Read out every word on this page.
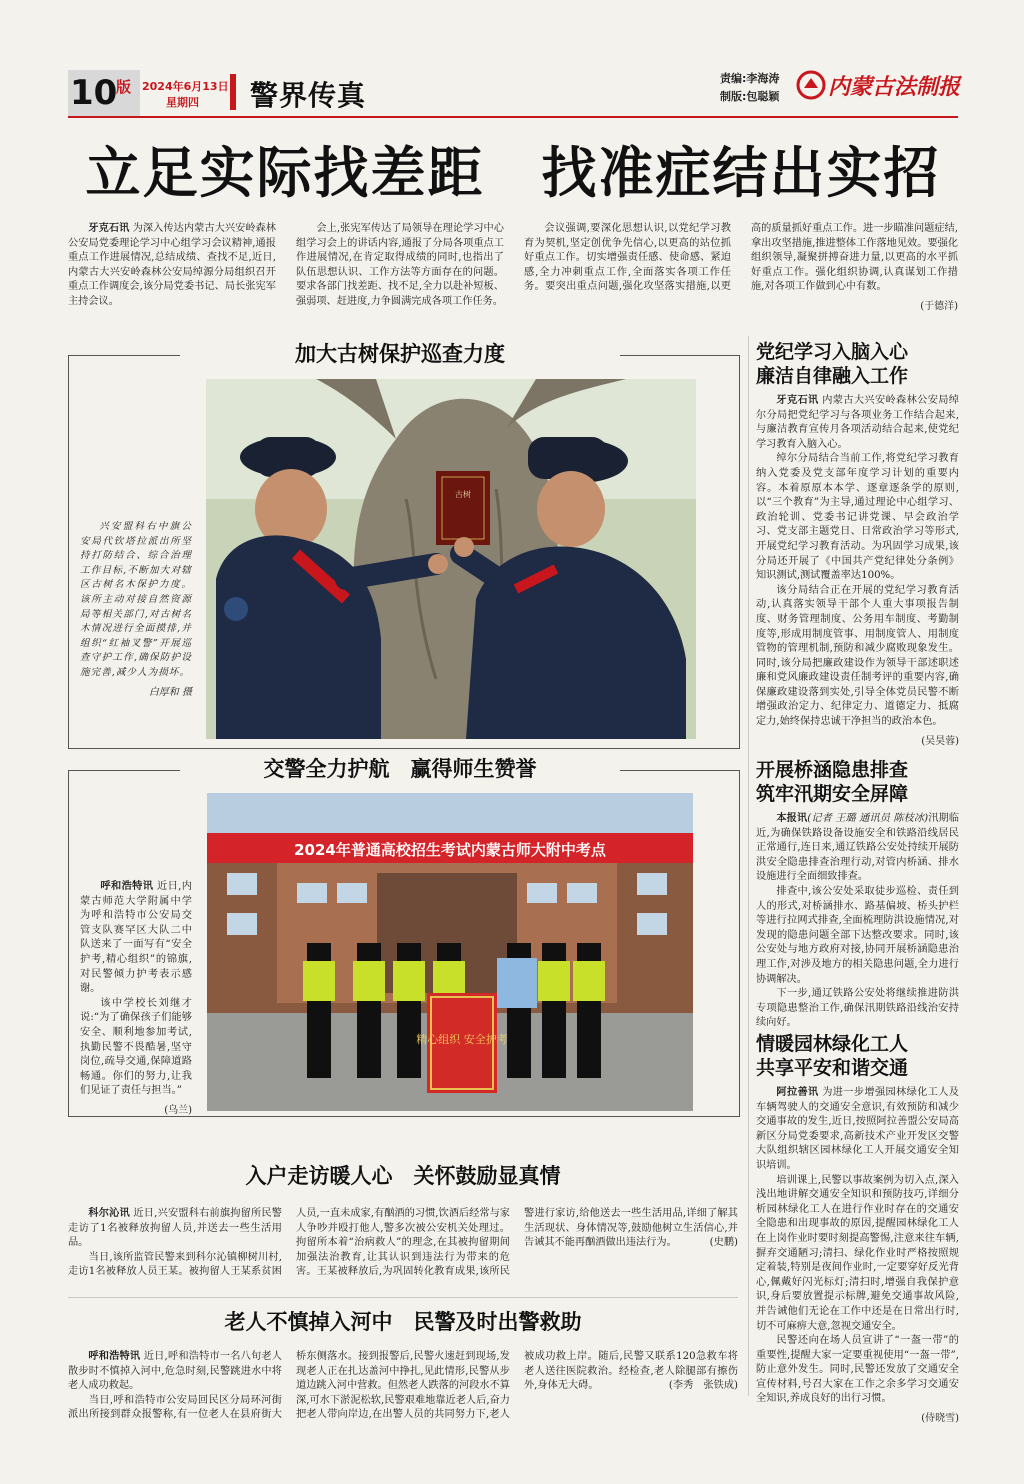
10
版 2024年6月13日
星期四 警界传真
责编:李海涛
制版:包聪颖 内蒙古法制报
立足实际找差距　找准症结出实招

牙克石讯 为深入传达内蒙古大兴安岭森林公安局党委理论学习中心组学习会议精神,通报重点工作进展情况,总结成绩、查找不足,近日,内蒙古大兴安岭森林公安局绰源分局组织召开重点工作调度会,该分局党委书记、局长张宪军主持会议。

会上,张宪军传达了局领导在理论学习中心组学习会上的讲话内容,通报了分局各项重点工作进展情况,在肯定取得成绩的同时,也指出了队伍思想认识、工作方法等方面存在的问题。要求各部门找差距、找不足,全力以赴补短板、强弱项、赶进度,力争圆满完成各项工作任务。

会议强调,要深化思想认识,以党纪学习教育为契机,坚定创优争先信心,以更高的站位抓好重点工作。切实增强责任感、使命感、紧迫感,全力冲刺重点工作,全面落实各项工作任务。要突出重点问题,强化攻坚落实措施,以更高的质量抓好重点工作。进一步瞄准问题症结,拿出攻坚措施,推进整体工作落地见效。要强化组织领导,凝聚拼搏奋进力量,以更高的水平抓好重点工作。强化组织协调,认真谋划工作措施,对各项工作做到心中有数。

(于德洋)

加大古树保护巡查力度
古树

兴安盟科右中旗公安局代钦塔拉派出所坚持打防结合、综合治理工作目标,不断加大对辖区古树名木保护力度。该所主动对接自然资源局等相关部门,对古树名木情况进行全面摸排,并组织“红袖叉警”开展巡查守护工作,确保防护设施完善,减少人为损坏。

白厚和 摄

交警全力护航　赢得师生赞誉
2024年普通高校招生考试内蒙古师大附中考点
精心组织 安全护考

呼和浩特讯 近日,内蒙古师范大学附属中学为呼和浩特市公安局交管支队赛罕区大队二中队送来了一面写有“安全护考,精心组织”的锦旗,对民警倾力护考表示感谢。

该中学校长刘继才说:“为了确保孩子们能够安全、顺利地参加考试,执勤民警不畏酷暑,坚守岗位,疏导交通,保障道路畅通。你们的努力,让我们见证了责任与担当。”

(乌兰)

入户走访暖人心　关怀鼓励显真情

科尔沁讯 近日,兴安盟科右前旗拘留所民警走访了1名被释放拘留人员,并送去一些生活用品。
当日,该所监管民警来到科尔沁镇柳树川村,走访1名被释放人员王某。被拘留人王某系贫困人员,一直未成家,有酗酒的习惯,饮酒后经常与家人争吵并殴打他人,警多次被公安机关处理过。拘留所本着“治病救人”的理念,在其被拘留期间加强法治教育,让其认识到违法行为带来的危害。王某被释放后,为巩固转化教育成果,该所民警进行家访,给他送去一些生活用品,详细了解其生活现状、身体情况等,鼓励他树立生活信心,并告诫其不能再酗酒做出违法行为。	(史鹏)

老人不慎掉入河中　民警及时出警救助

呼和浩特讯 近日,呼和浩特市一名八旬老人散步时不慎掉入河中,危急时刻,民警跳进水中将老人成功救起。
当日,呼和浩特市公安局回民区分局环河街派出所接到群众报警称,有一位老人在县府街大桥东侧落水。接到报警后,民警火速赶到现场,发现老人正在扎达盖河中挣扎,见此情形,民警从步道边跳入河中营救。但然老人跌落的河段水不算深,可水下淤泥松软,民警艰难地靠近老人后,奋力把老人带向岸边,在出警人员的共同努力下,老人被成功救上岸。随后,民警又联系120急救车将老人送往医院救治。经检查,老人除腿部有擦伤外,身体无大碍。	(李秀　张铁成)

党纪学习入脑入心
廉洁自律融入工作

牙克石讯 内蒙古大兴安岭森林公安局绰尔分局把党纪学习与各项业务工作结合起来,与廉洁教育宣传月各项活动结合起来,使党纪学习教育入脑入心。

绰尔分局结合当前工作,将党纪学习教育纳入党委及党支部年度学习计划的重要内容。本着原原本本学、逐章逐条学的原则,以“三个教育”为主导,通过理论中心组学习、政治轮训、党委书记讲党课、早会政治学习、党支部主题党日、日常政治学习等形式,开展党纪学习教育活动。为巩固学习成果,该分局还开展了《中国共产党纪律处分条例》知识测试,测试覆盖率达100%。

该分局结合正在开展的党纪学习教育活动,认真落实领导干部个人重大事项报告制度、财务管理制度、公务用车制度、考勤制度等,形成用制度管事、用制度管人、用制度管物的管理机制,预防和减少腐败现象发生。同时,该分局把廉政建设作为领导干部述职述廉和党风廉政建设责任制考评的重要内容,确保廉政建设落到实处,引导全体党员民警不断增强政治定力、纪律定力、道德定力、抵腐定力,始终保持忠诚干净担当的政治本色。

(吴昊蓉)

开展桥涵隐患排查
筑牢汛期安全屏障

本报讯(记者 王璐 通讯员 陈枝冰)汛期临近,为确保铁路设备设施安全和铁路沿线居民正常通行,连日来,通辽铁路公安处持续开展防洪安全隐患排查治理行动,对管内桥涵、排水设施进行全面细致排查。

排查中,该公安处采取徒步巡检、责任到人的形式,对桥涵排水、路基偏坡、桥头护栏等进行拉网式排查,全面梳理防洪设施情况,对发现的隐患问题全部下达整改要求。同时,该公安处与地方政府对接,协同开展桥涵隐患治理工作,对涉及地方的相关隐患问题,全力进行协调解决。

下一步,通辽铁路公安处将继续推进防洪专项隐患整治工作,确保汛期铁路沿线治安持续向好。

情暖园林绿化工人
共享平安和谐交通

阿拉善讯 为进一步增强园林绿化工人及车辆驾驶人的交通安全意识,有效预防和减少交通事故的发生,近日,按照阿拉善盟公安局高新区分局党委要求,高新技术产业开发区交警大队组织辖区园林绿化工人开展交通安全知识培训。

培训课上,民警以事故案例为切入点,深入浅出地讲解交通安全知识和预防技巧,详细分析园林绿化工人在进行作业时存在的交通安全隐患和出现事故的原因,提醒园林绿化工人在上岗作业时要时刻提高警惕,注意来往车辆,摒弃交通陋习;清扫、绿化作业时严格按照规定着装,特别是夜间作业时,一定要穿好反光背心,佩戴好闪光标灯;清扫时,增强自我保护意识,身后要放置提示标牌,避免交通事故风险,并告诫他们无论在工作中还是在日常出行时,切不可麻痹大意,忽视交通安全。

民警还向在场人员宣讲了“一盔一带”的重要性,提醒大家一定要重视使用“一盔一带”,防止意外发生。同时,民警还发放了交通安全宣传材料,号召大家在工作之余多学习交通安全知识,养成良好的出行习惯。

(侍晓雪)
